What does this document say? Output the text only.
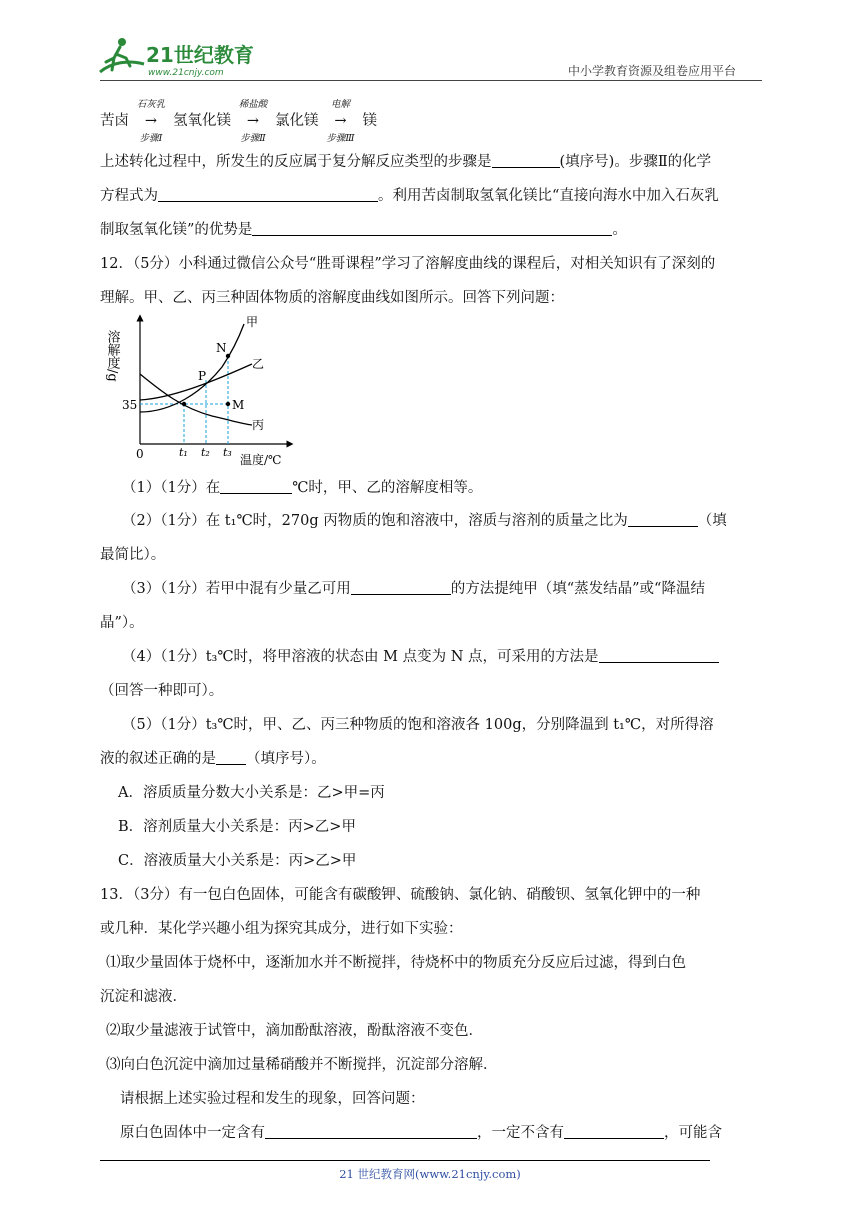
21世纪教育
www.21cnjy.com	中小学教育资源及组卷应用平台
苦卤
石灰乳
→
步骤Ⅰ
氢氧化镁
稀盐酸
→
步骤Ⅱ
氯化镁
电解
→
步骤Ⅲ
镁
上述转化过程中，所发生的反应属于复分解反应类型的步骤是	(填序号)。步骤Ⅱ的化学
方程式为	。利用苦卤制取氢氧化镁比“直接向海水中加入石灰乳
制取氢氧化镁”的优势是	。
12．（5分）小科通过微信公众号“胜哥课程”学习了溶解度曲线的课程后，对相关知识有了深刻的
理解。甲、乙、丙三种固体物质的溶解度曲线如图所示。回答下列问题：
溶解度/g
0
35
温度/℃
甲
乙
丙
N
P
M
t₁ t₂ t₃
（1）（1分）在	℃时，甲、乙的溶解度相等。
（2）（1分）在 t₁℃时，270g 丙物质的饱和溶液中，溶质与溶剂的质量之比为	（填
最简比）。
（3）（1分）若甲中混有少量乙可用	的方法提纯甲（填“蒸发结晶”或“降温结
晶”）。
（4）（1分）t₃℃时，将甲溶液的状态由 M 点变为 N 点，可采用的方法是
（回答一种即可）。
（5）（1分）t₃℃时，甲、乙、丙三种物质的饱和溶液各 100g，分别降温到 t₁℃，对所得溶
液的叙述正确的是 （填序号）。
A．溶质质量分数大小关系是：乙>甲=丙
B．溶剂质量大小关系是：丙>乙>甲
C．溶液质量大小关系是：丙>乙>甲
13．（3分）有一包白色固体，可能含有碳酸钾、硫酸钠、氯化钠、硝酸钡、氢氧化钾中的一种
或几种．某化学兴趣小组为探究其成分，进行如下实验：
⑴取少量固体于烧杯中，逐渐加水并不断搅拌，待烧杯中的物质充分反应后过滤，得到白色
沉淀和滤液．
⑵取少量滤液于试管中，滴加酚酞溶液，酚酞溶液不变色．
⑶向白色沉淀中滴加过量稀硝酸并不断搅拌，沉淀部分溶解．
请根据上述实验过程和发生的现象，回答问题：
原白色固体中一定含有	，一定不含有	，可能含
21 世纪教育网(www.21cnjy.com)
